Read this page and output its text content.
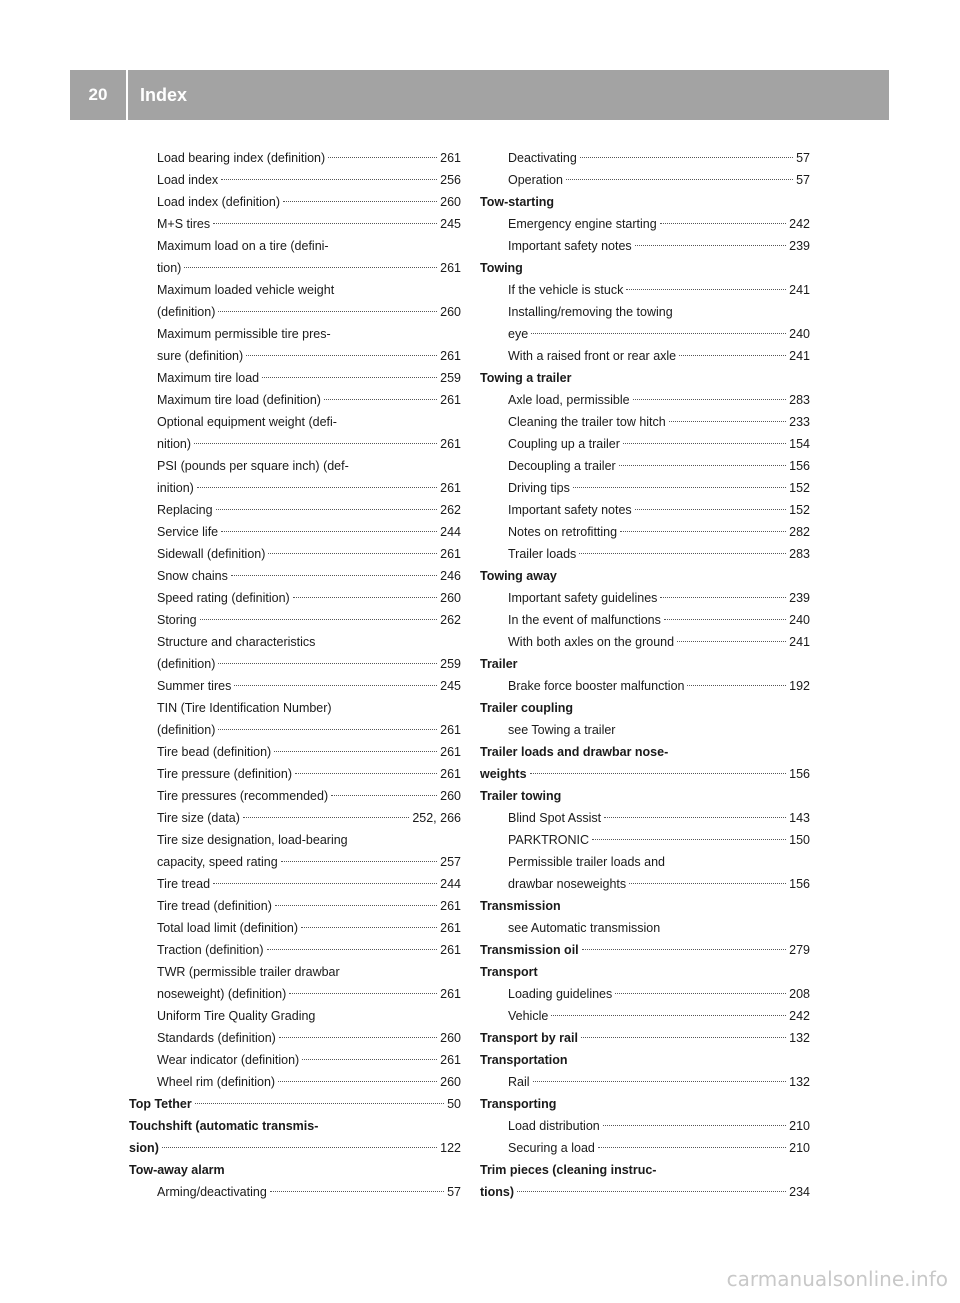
20	Index
Load bearing index (definition)	261
Load index	256
Load index (definition)	260
M+S tires	245
Maximum load on a tire (defini-
tion)	261
Maximum loaded vehicle weight
(definition)	260
Maximum permissible tire pres-
sure (definition)	261
Maximum tire load	259
Maximum tire load (definition)	261
Optional equipment weight (defi-
nition)	261
PSI (pounds per square inch) (def-
inition)	261
Replacing	262
Service life	244
Sidewall (definition)	261
Snow chains	246
Speed rating (definition)	260
Storing	262
Structure and characteristics
(definition)	259
Summer tires	245
TIN (Tire Identification Number)
(definition)	261
Tire bead (definition)	261
Tire pressure (definition)	261
Tire pressures (recommended)	260
Tire size (data)	252, 266
Tire size designation, load-bearing
capacity, speed rating	257
Tire tread	244
Tire tread (definition)	261
Total load limit (definition)	261
Traction (definition)	261
TWR (permissible trailer drawbar
noseweight) (definition)	261
Uniform Tire Quality Grading
Standards (definition)	260
Wear indicator (definition)	261
Wheel rim (definition)	260
Top Tether	50
Touchshift (automatic transmis-
sion)	122
Tow-away alarm
Arming/deactivating	57
Deactivating	57
Operation	57
Tow-starting
Emergency engine starting	242
Important safety notes	239
Towing
If the vehicle is stuck	241
Installing/removing the towing
eye	240
With a raised front or rear axle	241
Towing a trailer
Axle load, permissible	283
Cleaning the trailer tow hitch	233
Coupling up a trailer	154
Decoupling a trailer	156
Driving tips	152
Important safety notes	152
Notes on retrofitting	282
Trailer loads	283
Towing away
Important safety guidelines	239
In the event of malfunctions	240
With both axles on the ground	241
Trailer
Brake force booster malfunction	192
Trailer coupling
see Towing a trailer
Trailer loads and drawbar nose-
weights	156
Trailer towing
Blind Spot Assist	143
PARKTRONIC	150
Permissible trailer loads and
drawbar noseweights	156
Transmission
see Automatic transmission
Transmission oil	279
Transport
Loading guidelines	208
Vehicle	242
Transport by rail	132
Transportation
Rail	132
Transporting
Load distribution	210
Securing a load	210
Trim pieces (cleaning instruc-
tions)	234
carmanualsonline.info
